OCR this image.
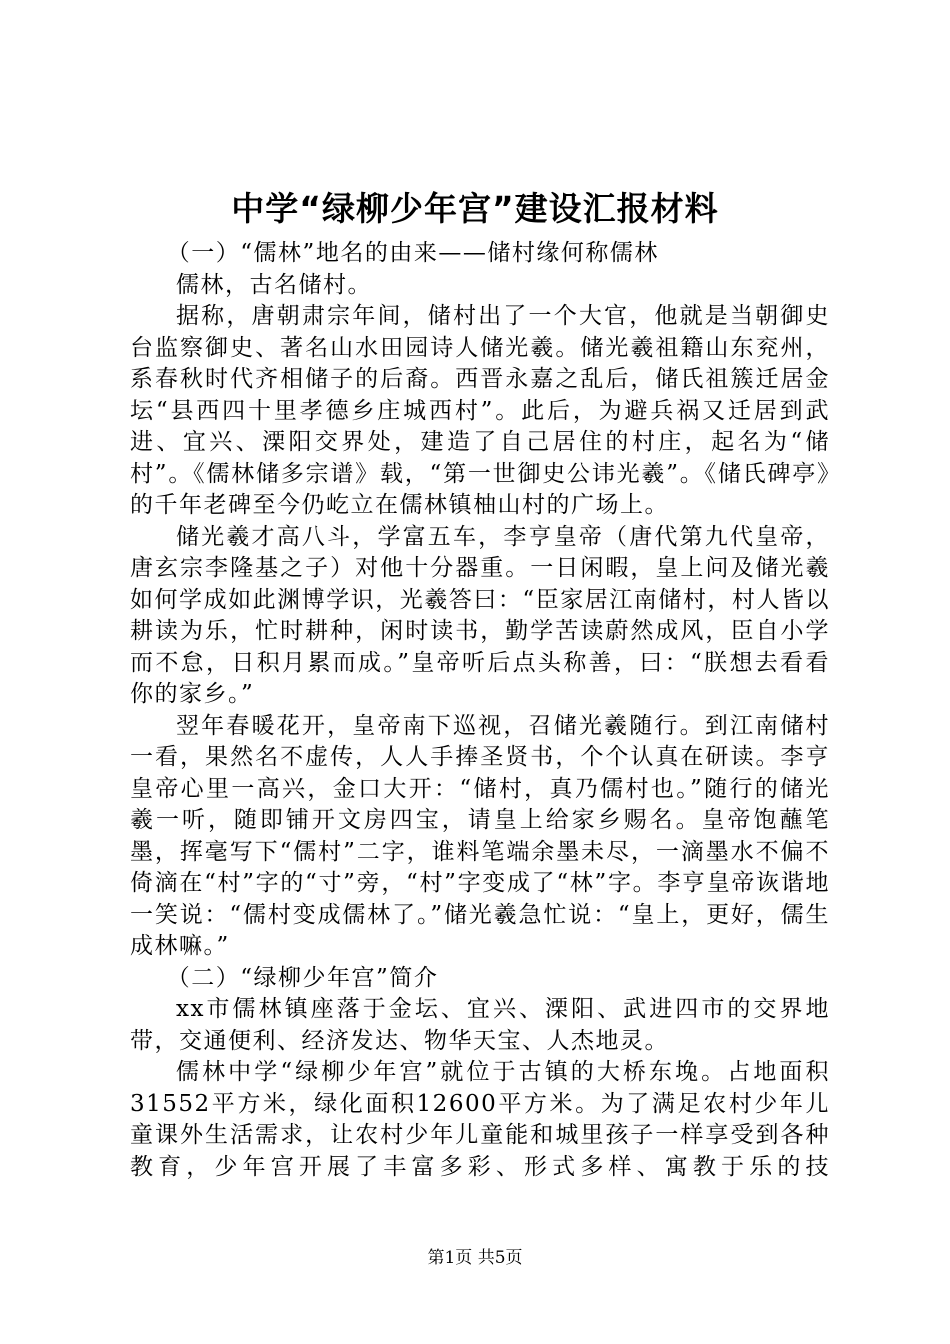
中学“绿柳少年宫”建设汇报材料

（一）“儒林”地名的由来——储村缘何称儒林

儒林，古名储村。

据称，唐朝肃宗年间，储村出了一个大官，他就是当朝御史台监察御史、著名山水田园诗人储光羲。储光羲祖籍山东兖州，系春秋时代齐相储子的后裔。西晋永嘉之乱后，储氏祖簇迁居金坛“县西四十里孝德乡庄城西村”。此后，为避兵祸又迁居到武进、宜兴、溧阳交界处，建造了自己居住的村庄，起名为“储村”。《儒林储多宗谱》载，“第一世御史公讳光羲”。《储氏碑亭》的千年老碑至今仍屹立在儒林镇柚山村的广场上。

储光羲才高八斗，学富五车，李亨皇帝（唐代第九代皇帝，唐玄宗李隆基之子）对他十分器重。一日闲暇，皇上问及储光羲如何学成如此渊博学识，光羲答曰：“臣家居江南储村，村人皆以耕读为乐，忙时耕种，闲时读书，勤学苦读蔚然成风，臣自小学而不怠，日积月累而成。”皇帝听后点头称善，曰：“朕想去看看你的家乡。”

翌年春暖花开，皇帝南下巡视，召储光羲随行。到江南储村一看，果然名不虚传，人人手捧圣贤书，个个认真在研读。李亨皇帝心里一高兴，金口大开：“储村，真乃儒村也。”随行的储光羲一听，随即铺开文房四宝，请皇上给家乡赐名。皇帝饱蘸笔墨，挥毫写下“儒村”二字，谁料笔端余墨未尽，一滴墨水不偏不倚滴在“村”字的“寸”旁，“村”字变成了“林”字。李亨皇帝诙谐地一笑说：“儒村变成儒林了。”储光羲急忙说：“皇上，更好，儒生成林嘛。”

（二）“绿柳少年宫”简介

xx市儒林镇座落于金坛、宜兴、溧阳、武进四市的交界地带，交通便利、经济发达、物华天宝、人杰地灵。

儒林中学“绿柳少年宫”就位于古镇的大桥东堍。占地面积31552平方米，绿化面积12600平方米。为了满足农村少年儿童课外生活需求，让农村少年儿童能和城里孩子一样享受到各种教育，少年宫开展了丰富多彩、形式多样、寓教于乐的技

第1页 共5页
